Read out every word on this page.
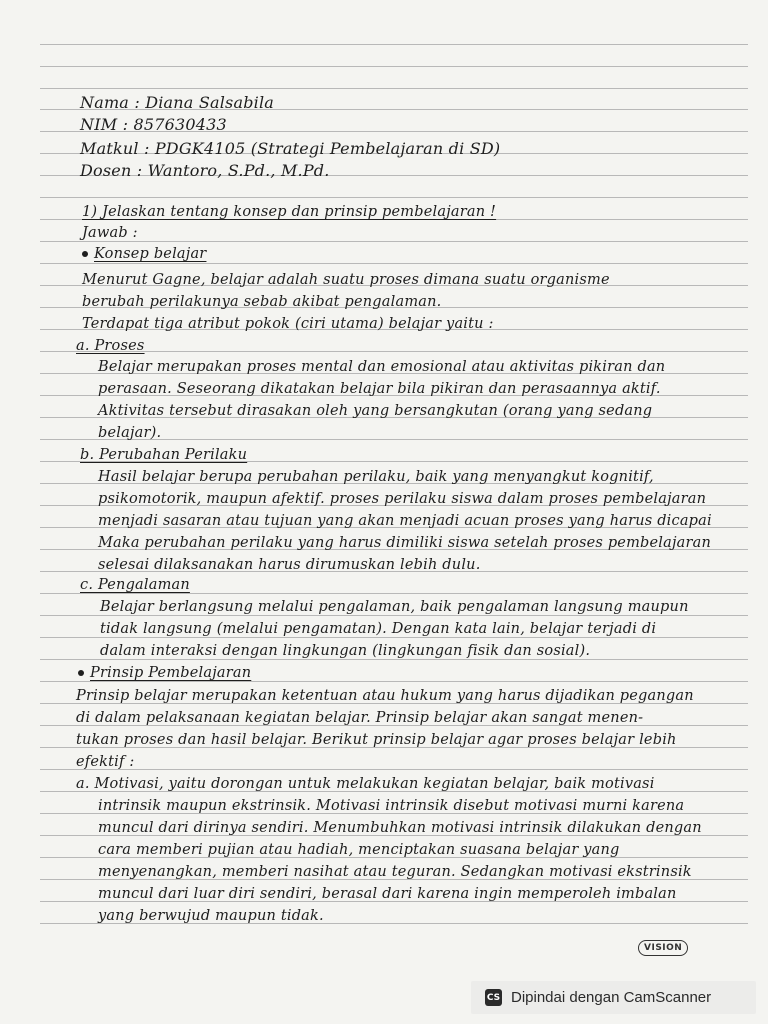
Nama : Diana Salsabila
NIM : 857630433
Matkul : PDGK4105 (Strategi Pembelajaran di SD)
Dosen : Wantoro, S.Pd., M.Pd.
1) Jelaskan tentang konsep dan prinsip pembelajaran !
Jawab :
Konsep belajar
Menurut Gagne, belajar adalah suatu proses dimana suatu organisme
berubah perilakunya sebab akibat pengalaman.
Terdapat tiga atribut pokok (ciri utama) belajar yaitu :
a. Proses
Belajar merupakan proses mental dan emosional atau aktivitas pikiran dan
perasaan. Seseorang dikatakan belajar bila pikiran dan perasaannya aktif.
Aktivitas tersebut dirasakan oleh yang bersangkutan (orang yang sedang
belajar).
b. Perubahan Perilaku
Hasil belajar berupa perubahan perilaku, baik yang menyangkut kognitif,
psikomotorik, maupun afektif. proses perilaku siswa dalam proses pembelajaran
menjadi sasaran atau tujuan yang akan menjadi acuan proses yang harus dicapai
Maka perubahan perilaku yang harus dimiliki siswa setelah proses pembelajaran
selesai dilaksanakan harus dirumuskan lebih dulu.
c. Pengalaman
Belajar berlangsung melalui pengalaman, baik pengalaman langsung maupun
tidak langsung (melalui pengamatan). Dengan kata lain, belajar terjadi di
dalam interaksi dengan lingkungan (lingkungan fisik dan sosial).
Prinsip Pembelajaran
Prinsip belajar merupakan ketentuan atau hukum yang harus dijadikan pegangan
di dalam pelaksanaan kegiatan belajar. Prinsip belajar akan sangat menen-
tukan proses dan hasil belajar. Berikut prinsip belajar agar proses belajar lebih
efektif :
a. Motivasi, yaitu dorongan untuk melakukan kegiatan belajar, baik motivasi
intrinsik maupun ekstrinsik. Motivasi intrinsik disebut motivasi murni karena
muncul dari dirinya sendiri. Menumbuhkan motivasi intrinsik dilakukan dengan
cara memberi pujian atau hadiah, menciptakan suasana belajar yang
menyenangkan, memberi nasihat atau teguran. Sedangkan motivasi ekstrinsik
muncul dari luar diri sendiri, berasal dari karena ingin memperoleh imbalan
yang berwujud maupun tidak.
VISION
CS Dipindai dengan CamScanner
